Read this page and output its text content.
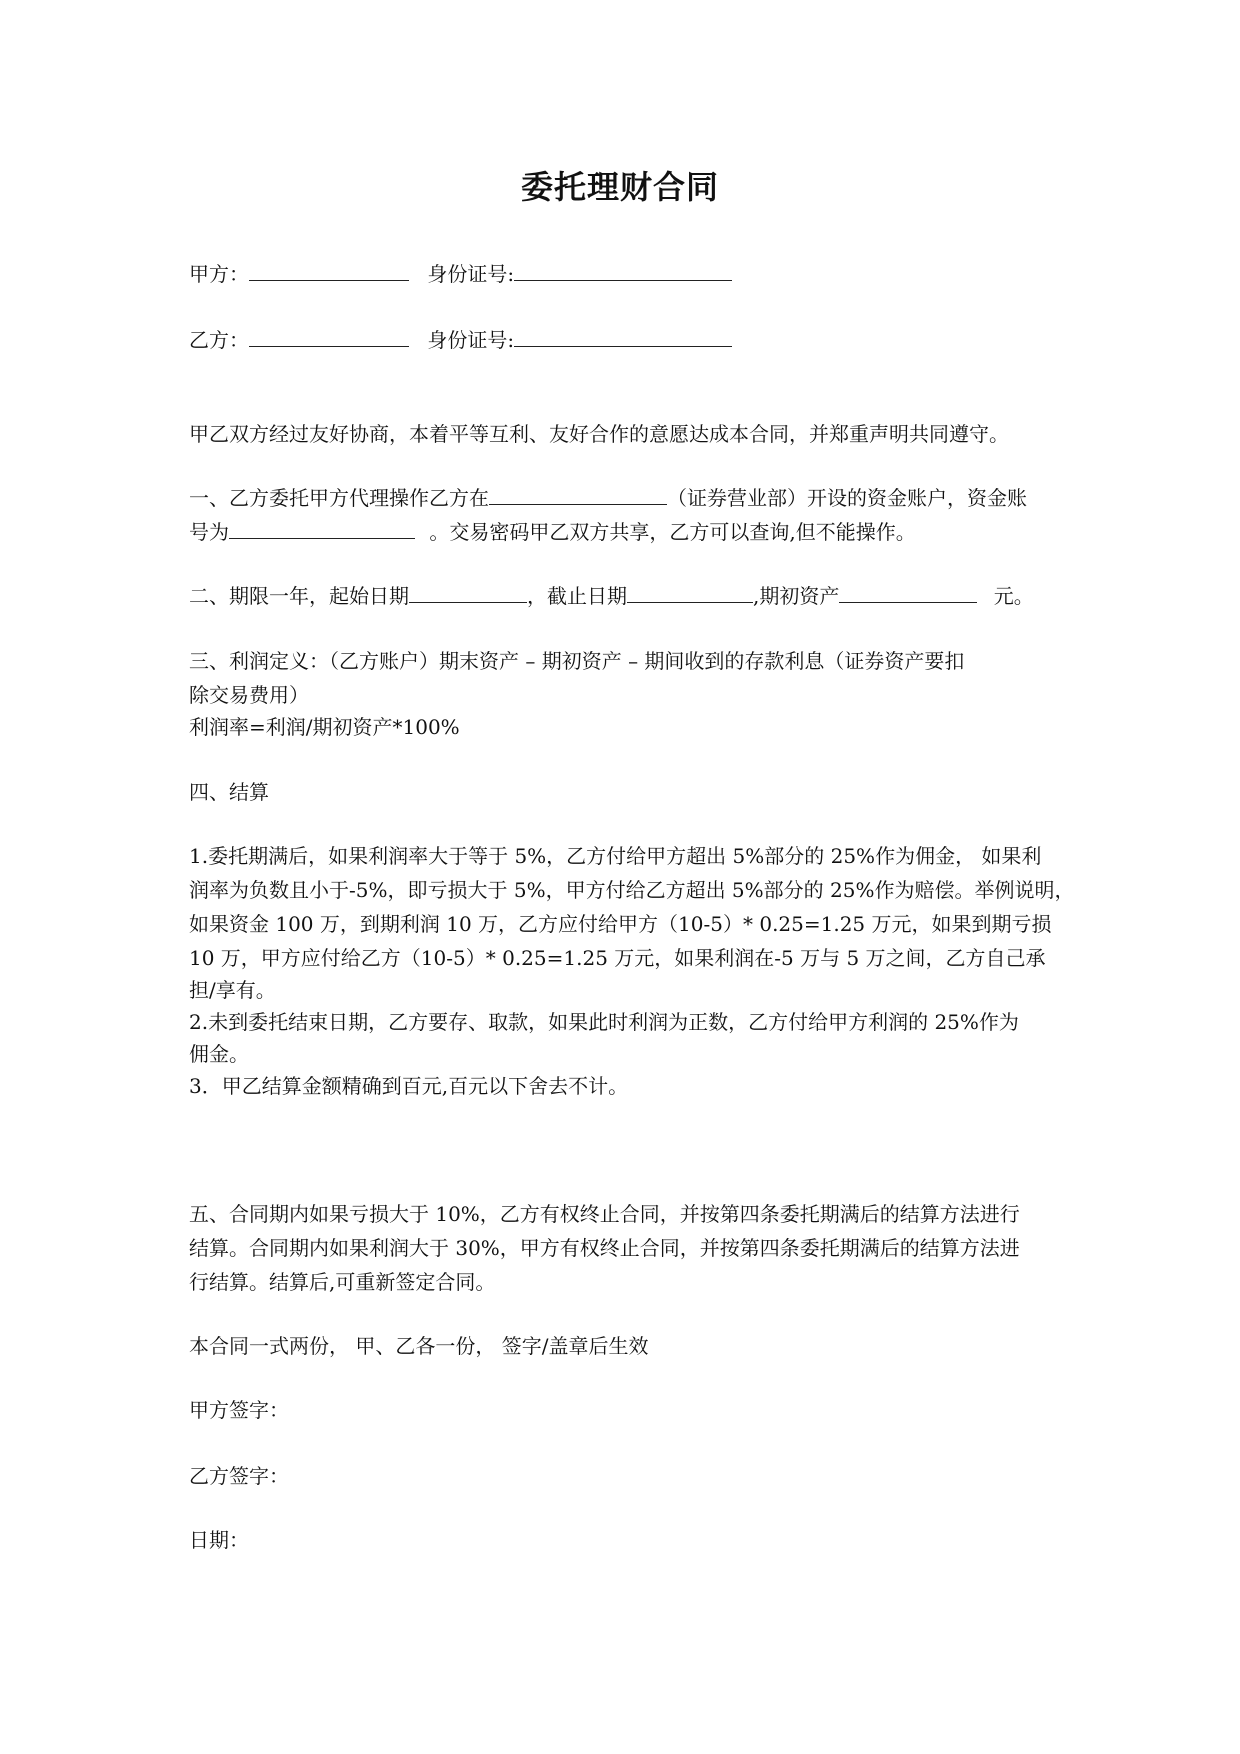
委托理财合同
甲方：	身份证号:
乙方：	身份证号:
甲乙双方经过友好协商，本着平等互利、友好合作的意愿达成本合同，并郑重声明共同遵守。
一、乙方委托甲方代理操作乙方在	（证券营业部）开设的资金账户，资金账
号为	。交易密码甲乙双方共享，乙方可以查询,但不能操作。
二、期限一年，起始日期	，截止日期	,期初资产	元。
三、利润定义：（乙方账户）期末资产 – 期初资产 – 期间收到的存款利息（证券资产要扣
除交易费用）
利润率=利润/期初资产*100%
四、结算
1.委托期满后，如果利润率大于等于 5%，乙方付给甲方超出 5%部分的 25%作为佣金， 如果利
润率为负数且小于-5%，即亏损大于 5%，甲方付给乙方超出 5%部分的 25%作为赔偿。举例说明，
如果资金 100 万，到期利润 10 万，乙方应付给甲方（10-5）* 0.25=1.25 万元，如果到期亏损
10 万，甲方应付给乙方（10-5）* 0.25=1.25 万元，如果利润在-5 万与 5 万之间，乙方自己承
担/享有。
2.未到委托结束日期，乙方要存、取款，如果此时利润为正数，乙方付给甲方利润的 25%作为
佣金。
3．甲乙结算金额精确到百元,百元以下舍去不计。
五、合同期内如果亏损大于 10%，乙方有权终止合同，并按第四条委托期满后的结算方法进行
结算。合同期内如果利润大于 30%，甲方有权终止合同，并按第四条委托期满后的结算方法进
行结算。结算后,可重新签定合同。
本合同一式两份， 甲、乙各一份， 签字/盖章后生效
甲方签字：
乙方签字：
日期：
